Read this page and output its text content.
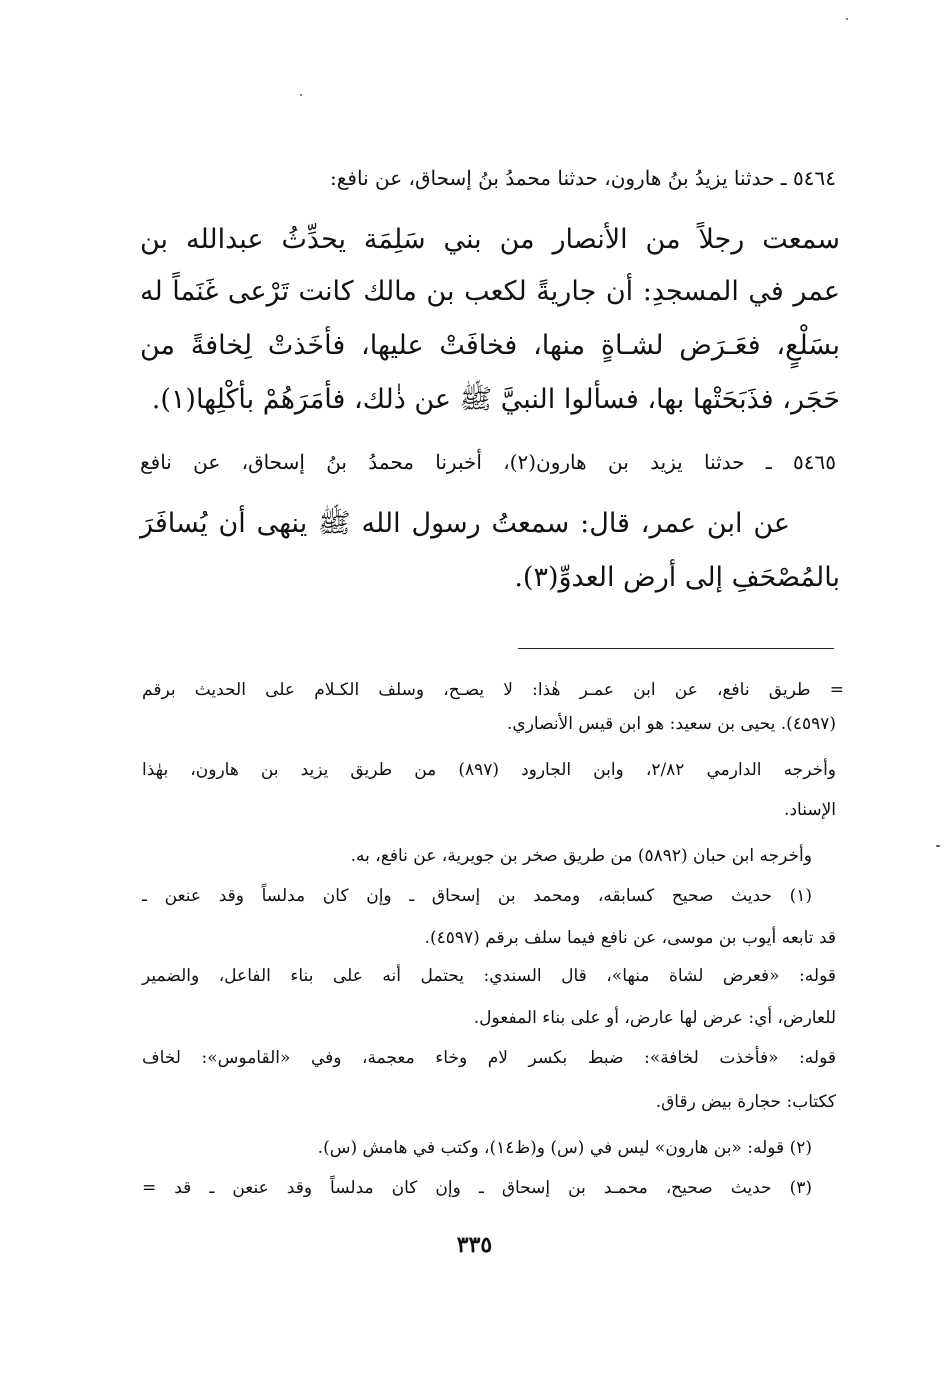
٥٤٦٤ ـ حدثنا يزيدُ بنُ هارون، حدثنا محمدُ بنُ إسحاق، عن نافع:
سمعت رجلاً من الأنصار من بني سَلِمَة يحدِّثُ عبدالله بن
عمر في المسجدِ: أن جاريةً لكعب بن مالك كانت تَرْعى غَنَماً له
بسَلْعٍ، فعَـرَض لشـاةٍ منها، فخافَتْ عليها، فأخَذتْ لِخافةً من
حَجَر، فذَبَحَتْها بها، فسألوا النبيَّ ﷺ عن ذٰلك، فأمَرَهُمْ بأكْلِها(١).
٥٤٦٥ ـ حدثنا يزيد بن هارون(٢)، أخبرنا محمدُ بنُ إسحاق، عن نافع
عن ابن عمر، قال: سمعتُ رسول الله ﷺ ينهى أن يُسافَرَ
بالمُصْحَفِ إلى أرض العدوِّ(٣).
= طريق نافع، عن ابن عمـر هٰذا: لا يصـح، وسلف الكـلام على الحديث برقم
(٤٥٩٧). يحيى بن سعيد: هو ابن قيس الأنصاري.
وأخرجه الدارمي ٢/٨٢، وابن الجارود (٨٩٧) من طريق يزيد بن هارون، بهٰذا
الإسناد.
وأخرجه ابن حبان (٥٨٩٢) من طريق صخر بن جويرية، عن نافع، به.
(١) حديث صحيح كسابقه، ومحمد بن إسحاق ـ وإن كان مدلساً وقد عنعن ـ
قد تابعه أيوب بن موسى، عن نافع فيما سلف برقم (٤٥٩٧).
قوله: «فعرض لشاة منها»، قال السندي: يحتمل أنه على بناء الفاعل، والضمير
للعارض، أي: عرض لها عارض، أو على بناء المفعول.
قوله: «فأخذت لخافة»: ضبط بكسر لام وخاء معجمة، وفي «القاموس»: لخاف
ككتاب: حجارة بيض رقاق.
(٢) قوله: «بن هارون» ليس في (س) و(ظ١٤)، وكتب في هامش (س).
(٣) حديث صحيح، محمـد بن إسحاق ـ وإن كان مدلساً وقد عنعن ـ قد =
٣٣٥
